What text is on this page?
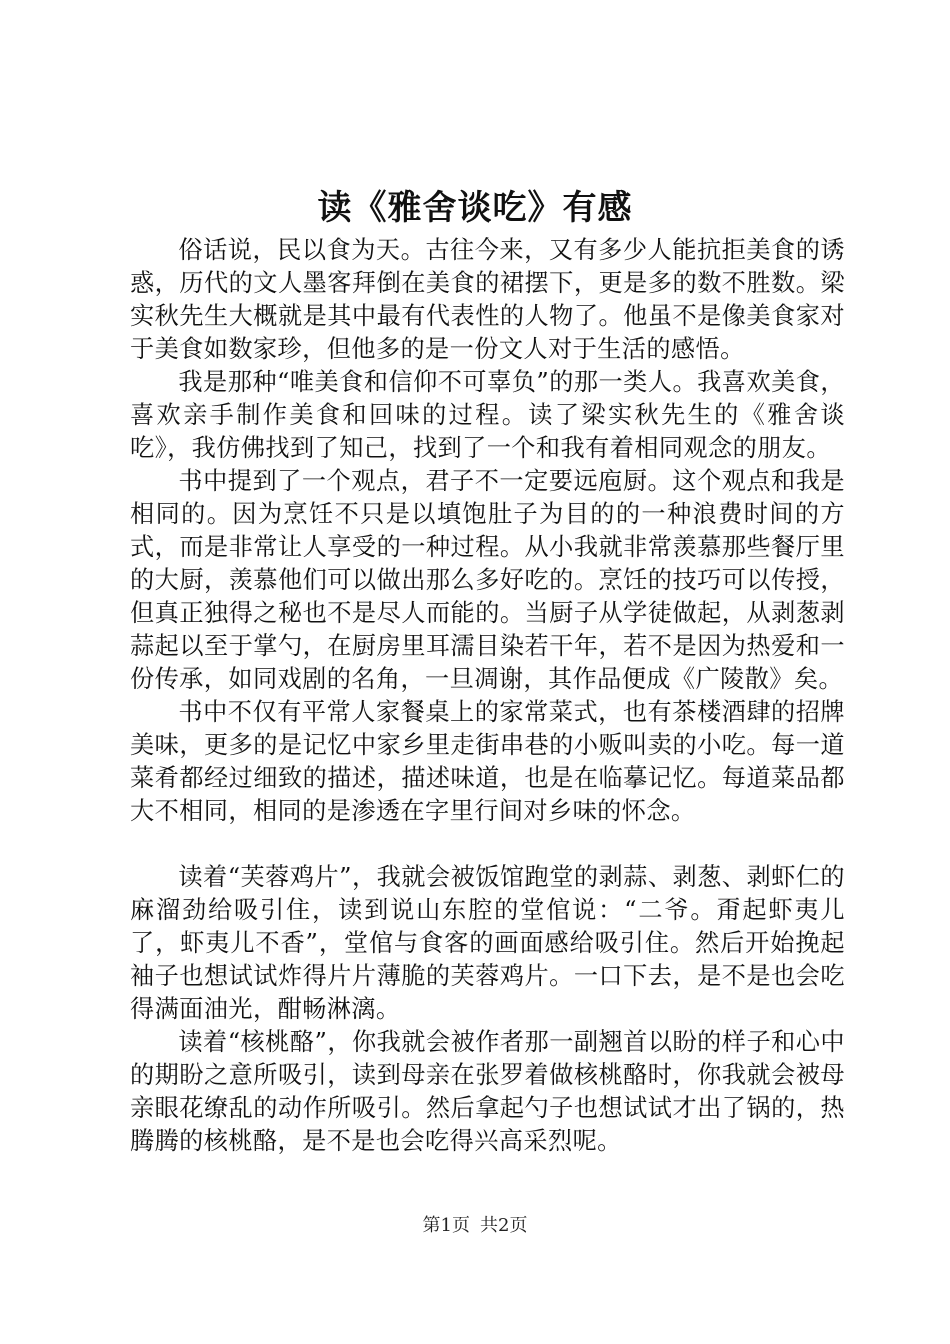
读《雅舍谈吃》有感

俗话说，民以食为天。古往今来，又有多少人能抗拒美食的诱惑，历代的文人墨客拜倒在美食的裙摆下，更是多的数不胜数。梁实秋先生大概就是其中最有代表性的人物了。他虽不是像美食家对于美食如数家珍，但他多的是一份文人对于生活的感悟。

我是那种“唯美食和信仰不可辜负”的那一类人。我喜欢美食，喜欢亲手制作美食和回味的过程。读了梁实秋先生的《雅舍谈吃》，我仿佛找到了知己，找到了一个和我有着相同观念的朋友。

书中提到了一个观点，君子不一定要远庖厨。这个观点和我是相同的。因为烹饪不只是以填饱肚子为目的的一种浪费时间的方式，而是非常让人享受的一种过程。从小我就非常羡慕那些餐厅里的大厨，羡慕他们可以做出那么多好吃的。烹饪的技巧可以传授，但真正独得之秘也不是尽人而能的。当厨子从学徒做起，从剥葱剥蒜起以至于掌勺，在厨房里耳濡目染若干年，若不是因为热爱和一份传承，如同戏剧的名角，一旦凋谢，其作品便成《广陵散》矣。

书中不仅有平常人家餐桌上的家常菜式，也有茶楼酒肆的招牌美味，更多的是记忆中家乡里走街串巷的小贩叫卖的小吃。每一道菜肴都经过细致的描述，描述味道，也是在临摹记忆。每道菜品都大不相同，相同的是渗透在字里行间对乡味的怀念。

读着“芙蓉鸡片”，我就会被饭馆跑堂的剥蒜、剥葱、剥虾仁的麻溜劲给吸引住，读到说山东腔的堂倌说：“二爷。甭起虾夷儿了，虾夷儿不香”，堂倌与食客的画面感给吸引住。然后开始挽起袖子也想试试炸得片片薄脆的芙蓉鸡片。一口下去，是不是也会吃得满面油光，酣畅淋漓。

读着“核桃酪”，你我就会被作者那一副翘首以盼的样子和心中的期盼之意所吸引，读到母亲在张罗着做核桃酪时，你我就会被母亲眼花缭乱的动作所吸引。然后拿起勺子也想试试才出了锅的，热腾腾的核桃酪，是不是也会吃得兴高采烈呢。

第1页 共2页
